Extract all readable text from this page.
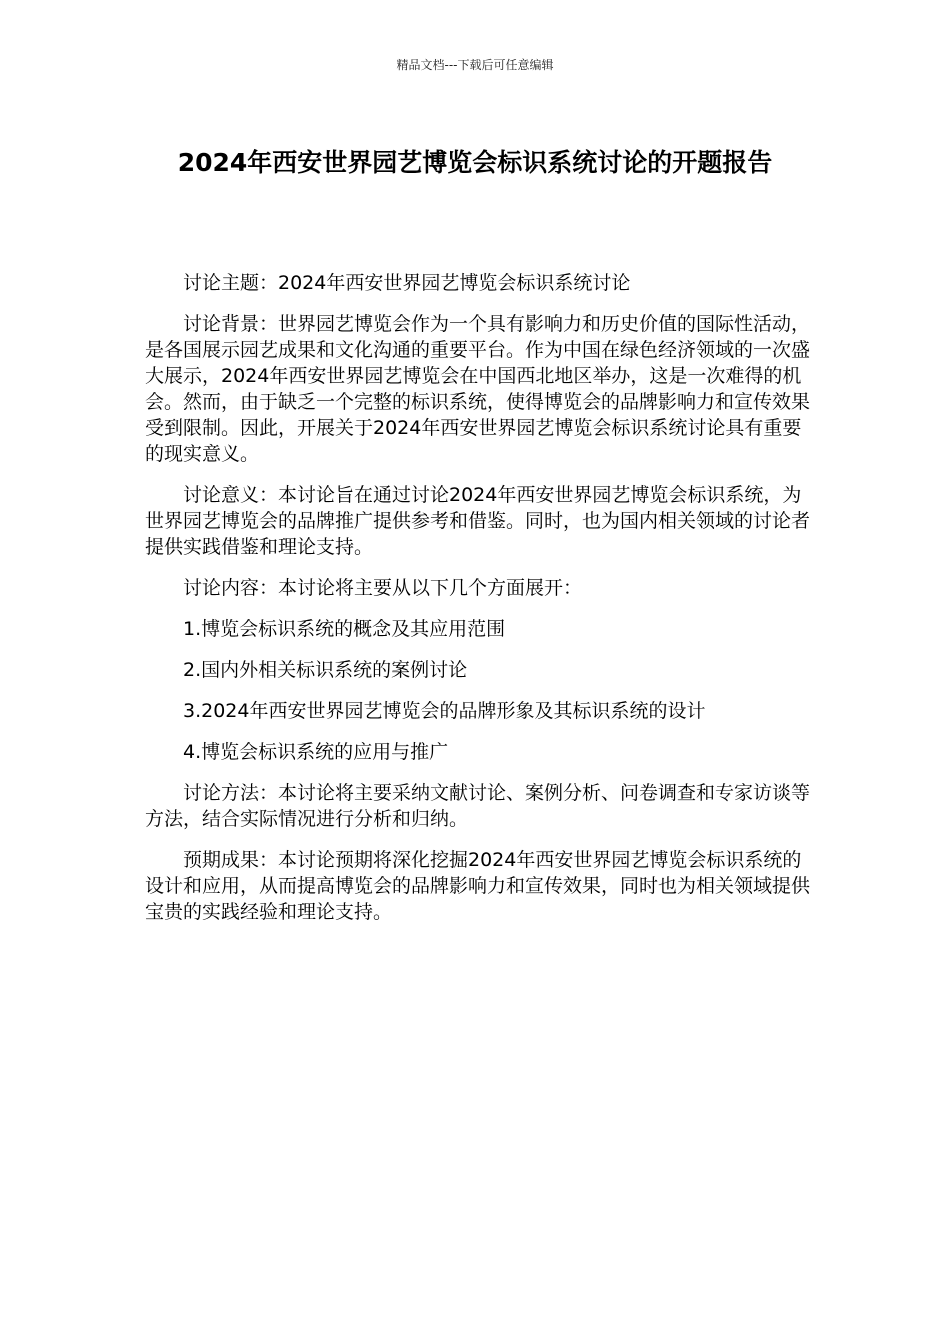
精品文档---下载后可任意编辑
2024年西安世界园艺博览会标识系统讨论的开题报告

讨论主题：2024年西安世界园艺博览会标识系统讨论

讨论背景：世界园艺博览会作为一个具有影响力和历史价值的国际性活动，是各国展示园艺成果和文化沟通的重要平台。作为中国在绿色经济领域的一次盛大展示，2024年西安世界园艺博览会在中国西北地区举办，这是一次难得的机会。然而，由于缺乏一个完整的标识系统，使得博览会的品牌影响力和宣传效果受到限制。因此，开展关于2024年西安世界园艺博览会标识系统讨论具有重要的现实意义。

讨论意义：本讨论旨在通过讨论2024年西安世界园艺博览会标识系统，为世界园艺博览会的品牌推广提供参考和借鉴。同时，也为国内相关领域的讨论者提供实践借鉴和理论支持。

讨论内容：本讨论将主要从以下几个方面展开：

1.博览会标识系统的概念及其应用范围

2.国内外相关标识系统的案例讨论

3.2024年西安世界园艺博览会的品牌形象及其标识系统的设计

4.博览会标识系统的应用与推广

讨论方法：本讨论将主要采纳文献讨论、案例分析、问卷调查和专家访谈等方法，结合实际情况进行分析和归纳。

预期成果：本讨论预期将深化挖掘2024年西安世界园艺博览会标识系统的设计和应用，从而提高博览会的品牌影响力和宣传效果，同时也为相关领域提供宝贵的实践经验和理论支持。
